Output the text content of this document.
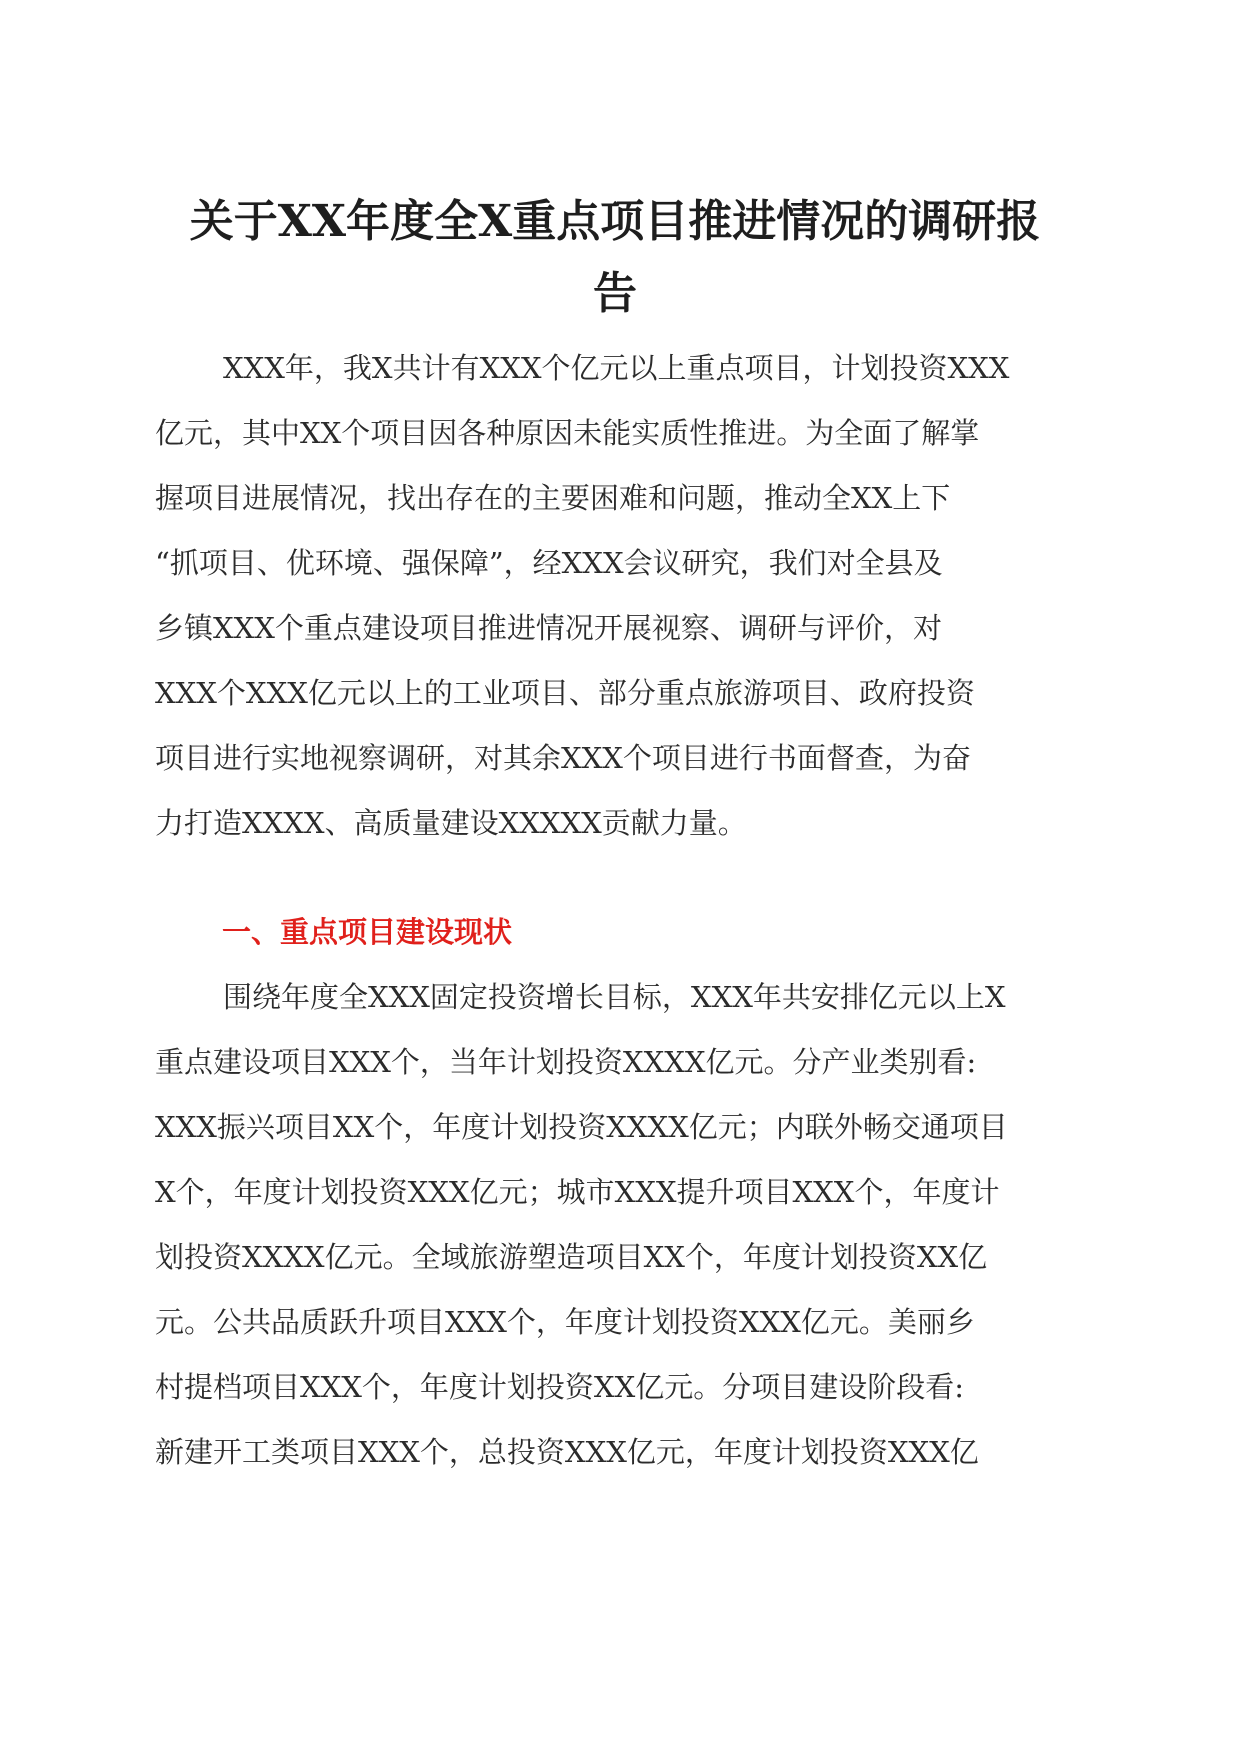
关于XX年度全X重点项目推进情况的调研报
告
XXX年，我X共计有XXX个亿元以上重点项目，计划投资XXX
亿元，其中XX个项目因各种原因未能实质性推进。为全面了解掌
握项目进展情况，找出存在的主要困难和问题，推动全XX上下
“抓项目、优环境、强保障”，经XXX会议研究，我们对全县及
乡镇XXX个重点建设项目推进情况开展视察、调研与评价，对
XXX个XXX亿元以上的工业项目、部分重点旅游项目、政府投资
项目进行实地视察调研，对其余XXX个项目进行书面督查，为奋
力打造XXXX、高质量建设XXXXX贡献力量。
一、重点项目建设现状
围绕年度全XXX固定投资增长目标，XXX年共安排亿元以上X
重点建设项目XXX个，当年计划投资XXXX亿元。分产业类别看:
XXX振兴项目XX个，年度计划投资XXXX亿元；内联外畅交通项目
X个，年度计划投资XXX亿元；城市XXX提升项目XXX个，年度计
划投资XXXX亿元。全域旅游塑造项目XX个，年度计划投资XX亿
元。公共品质跃升项目XXX个，年度计划投资XXX亿元。美丽乡
村提档项目XXX个，年度计划投资XX亿元。分项目建设阶段看:
新建开工类项目XXX个，总投资XXX亿元，年度计划投资XXX亿
